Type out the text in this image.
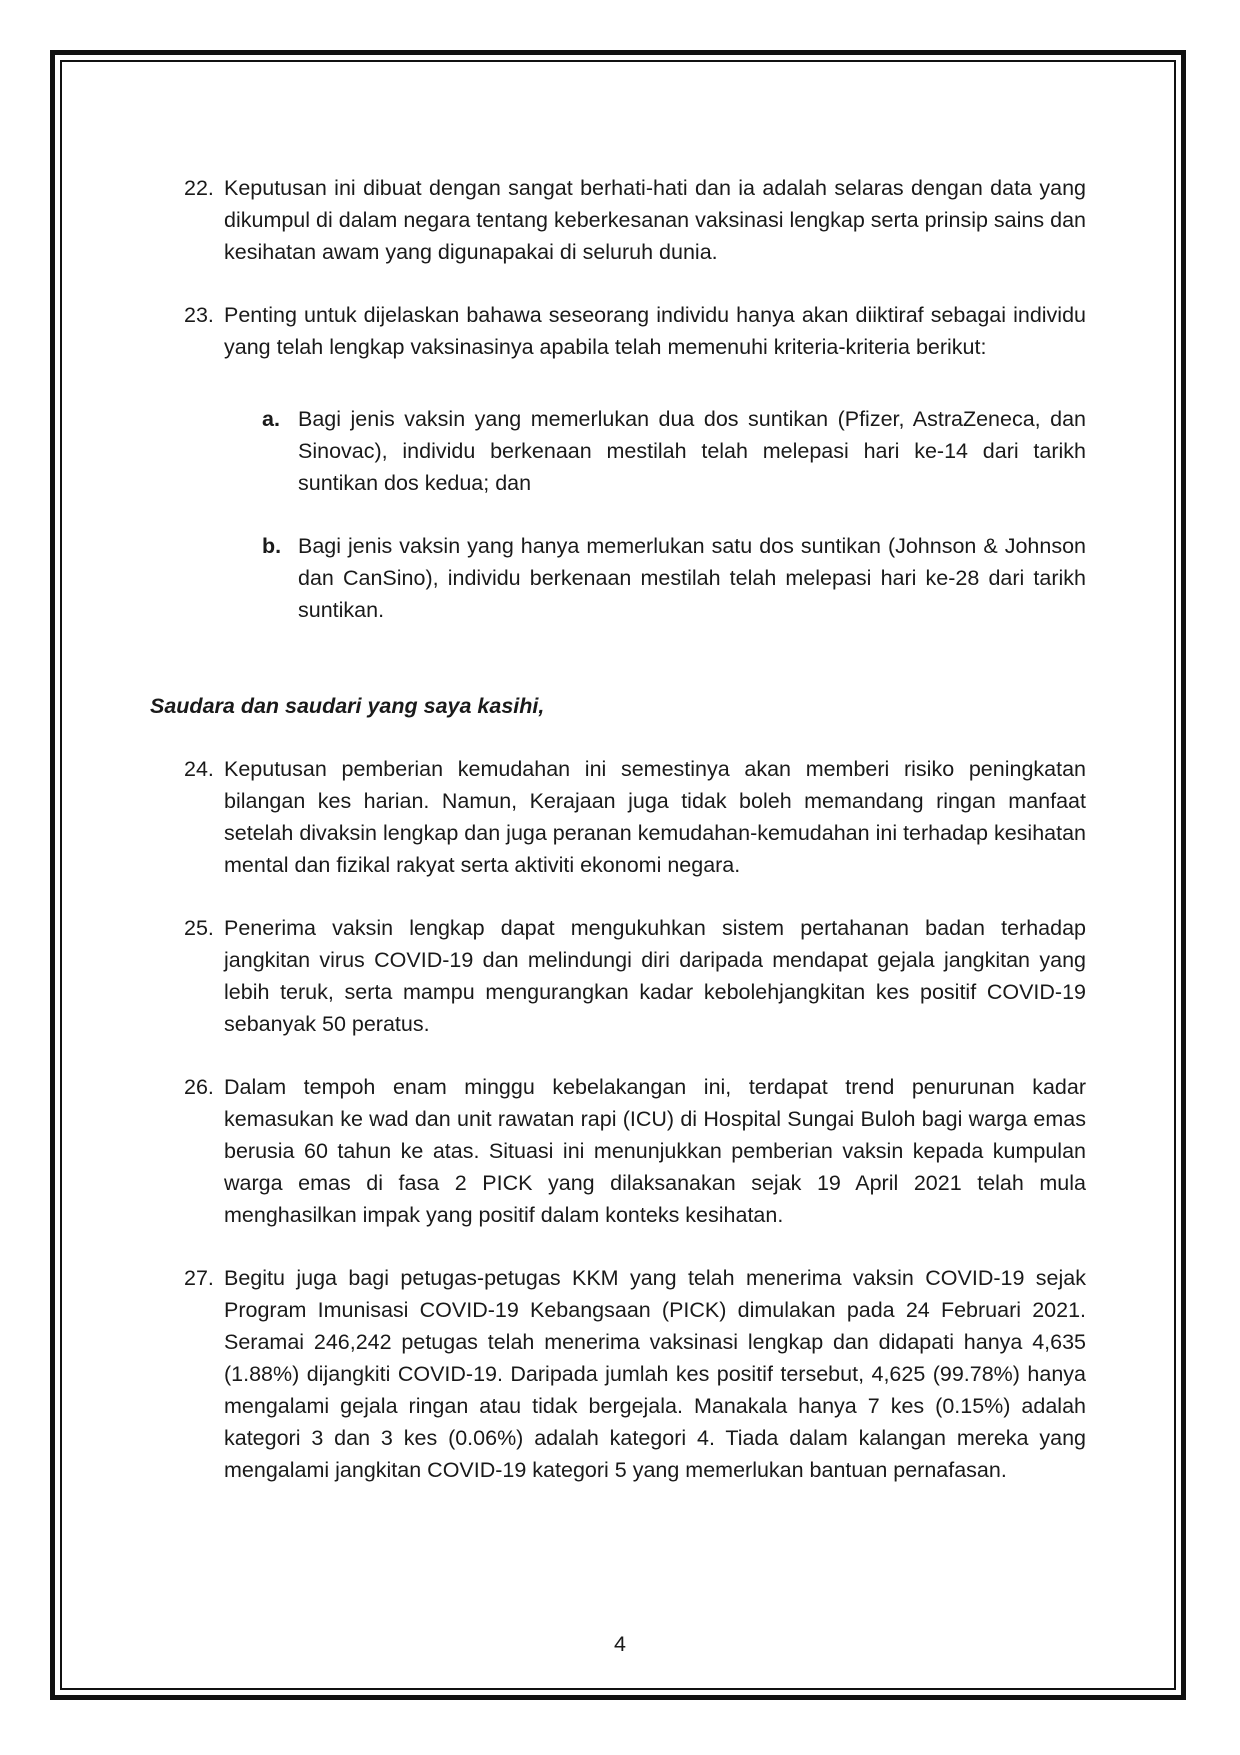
22. Keputusan ini dibuat dengan sangat berhati-hati dan ia adalah selaras dengan data yang dikumpul di dalam negara tentang keberkesanan vaksinasi lengkap serta prinsip sains dan kesihatan awam yang digunapakai di seluruh dunia.
23. Penting untuk dijelaskan bahawa seseorang individu hanya akan diiktiraf sebagai individu yang telah lengkap vaksinasinya apabila telah memenuhi kriteria-kriteria berikut:
a. Bagi jenis vaksin yang memerlukan dua dos suntikan (Pfizer, AstraZeneca, dan Sinovac), individu berkenaan mestilah telah melepasi hari ke-14 dari tarikh suntikan dos kedua; dan
b. Bagi jenis vaksin yang hanya memerlukan satu dos suntikan (Johnson & Johnson dan CanSino), individu berkenaan mestilah telah melepasi hari ke-28 dari tarikh suntikan.
Saudara dan saudari yang saya kasihi,
24. Keputusan pemberian kemudahan ini semestinya akan memberi risiko peningkatan bilangan kes harian. Namun, Kerajaan juga tidak boleh memandang ringan manfaat setelah divaksin lengkap dan juga peranan kemudahan-kemudahan ini terhadap kesihatan mental dan fizikal rakyat serta aktiviti ekonomi negara.
25. Penerima vaksin lengkap dapat mengukuhkan sistem pertahanan badan terhadap jangkitan virus COVID-19 dan melindungi diri daripada mendapat gejala jangkitan yang lebih teruk, serta mampu mengurangkan kadar kebolehjangkitan kes positif COVID-19 sebanyak 50 peratus.
26. Dalam tempoh enam minggu kebelakangan ini, terdapat trend penurunan kadar kemasukan ke wad dan unit rawatan rapi (ICU) di Hospital Sungai Buloh bagi warga emas berusia 60 tahun ke atas. Situasi ini menunjukkan pemberian vaksin kepada kumpulan warga emas di fasa 2 PICK yang dilaksanakan sejak 19 April 2021 telah mula menghasilkan impak yang positif dalam konteks kesihatan.
27. Begitu juga bagi petugas-petugas KKM yang telah menerima vaksin COVID-19 sejak Program Imunisasi COVID-19 Kebangsaan (PICK) dimulakan pada 24 Februari 2021. Seramai 246,242 petugas telah menerima vaksinasi lengkap dan didapati hanya 4,635 (1.88%) dijangkiti COVID-19. Daripada jumlah kes positif tersebut, 4,625 (99.78%) hanya mengalami gejala ringan atau tidak bergejala. Manakala hanya 7 kes (0.15%) adalah kategori 3 dan 3 kes (0.06%) adalah kategori 4. Tiada dalam kalangan mereka yang mengalami jangkitan COVID-19 kategori 5 yang memerlukan bantuan pernafasan.
4
